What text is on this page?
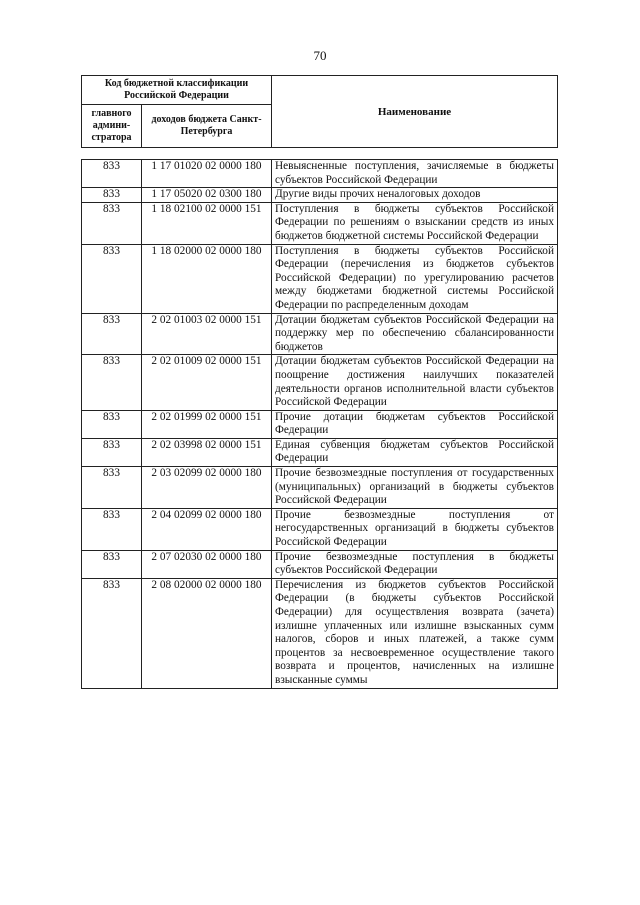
70
Код бюджетной классификации Российской Федерации		Наименование
главного админи-стратора	доходов бюджета Санкт-Петербурга	
833	1 17 01020 02 0000 180	Невыясненные поступления, зачисляемые в бюджеты субъектов Российской Федерации
833	1 17 05020 02 0300 180	Другие виды прочих неналоговых доходов
833	1 18 02100 02 0000 151	Поступления в бюджеты субъектов Российской Федерации по решениям о взыскании средств из иных бюджетов бюджетной системы Российской Федерации
833	1 18 02000 02 0000 180	Поступления в бюджеты субъектов Российской Федерации (перечисления из бюджетов субъектов Российской Федерации) по урегулированию расчетов между бюджетами бюджетной системы Российской Федерации по распределенным доходам
833	2 02 01003 02 0000 151	Дотации бюджетам субъектов Российской Федерации на поддержку мер по обеспечению сбалансированности бюджетов
833	2 02 01009 02 0000 151	Дотации бюджетам субъектов Российской Федерации на поощрение достижения наилучших показателей деятельности органов исполнительной власти субъектов Российской Федерации
833	2 02 01999 02 0000 151	Прочие дотации бюджетам субъектов Российской Федерации
833	2 02 03998 02 0000 151	Единая субвенция бюджетам субъектов Российской Федерации
833	2 03 02099 02 0000 180	Прочие безвозмездные поступления от государственных (муниципальных) организаций в бюджеты субъектов Российской Федерации
833	2 04 02099 02 0000 180	Прочие безвозмездные поступления от негосударственных организаций в бюджеты субъектов Российской Федерации
833	2 07 02030 02 0000 180	Прочие безвозмездные поступления в бюджеты субъектов Российской Федерации
833	2 08 02000 02 0000 180	Перечисления из бюджетов субъектов Российской Федерации (в бюджеты субъектов Российской Федерации) для осуществления возврата (зачета) излишне уплаченных или излишне взысканных сумм налогов, сборов и иных платежей, а также сумм процентов за несвоевременное осуществление такого возврата и процентов, начисленных на излишне взысканные суммы
